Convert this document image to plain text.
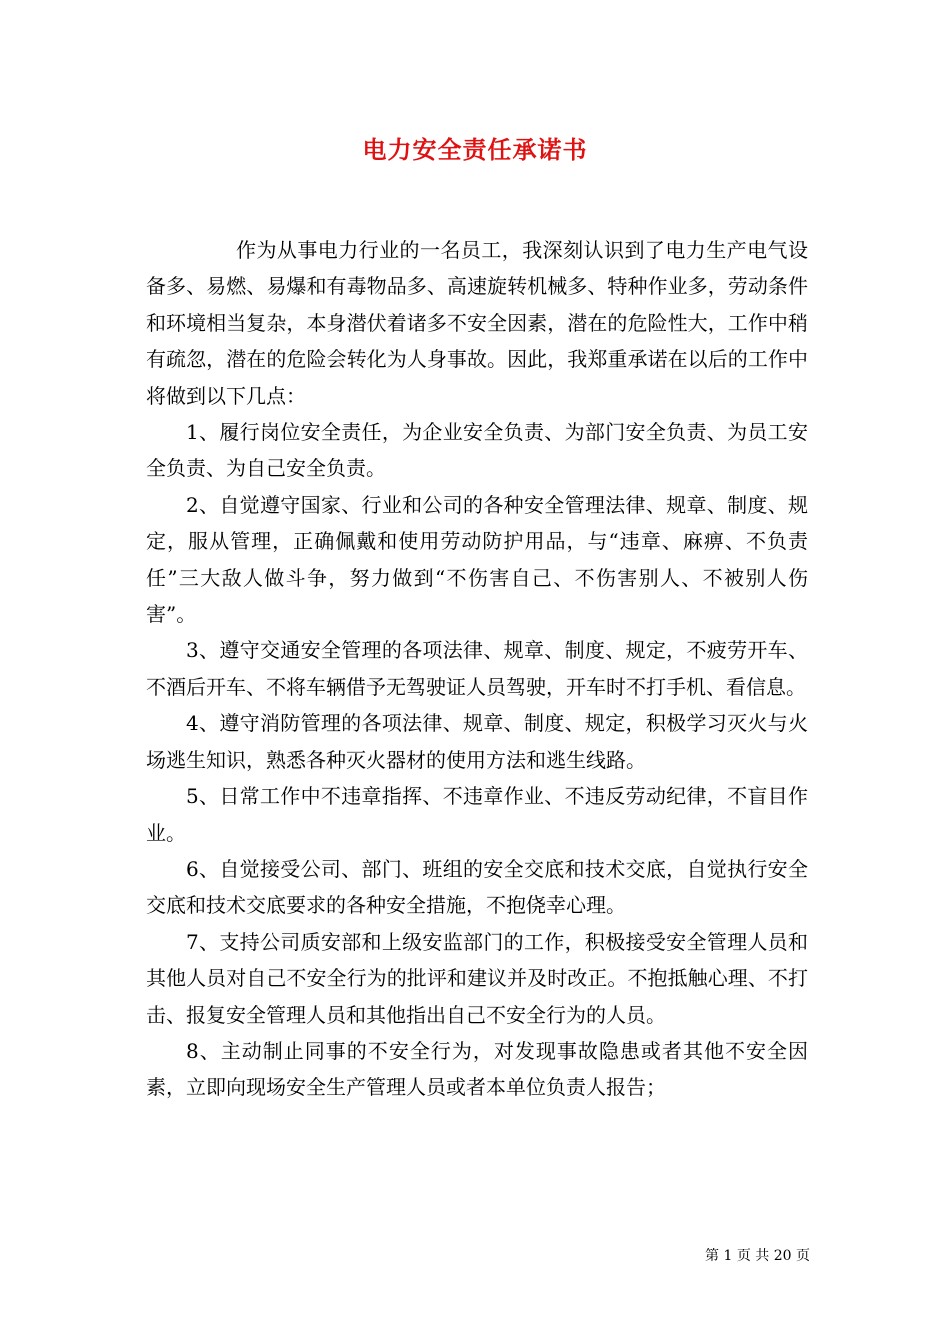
电力安全责任承诺书

作为从事电力行业的一名员工，我深刻认识到了电力生产电气设备多、易燃、易爆和有毒物品多、高速旋转机械多、特种作业多，劳动条件和环境相当复杂，本身潜伏着诸多不安全因素，潜在的危险性大，工作中稍有疏忽，潜在的危险会转化为人身事故。因此，我郑重承诺在以后的工作中将做到以下几点：

1、履行岗位安全责任，为企业安全负责、为部门安全负责、为员工安全负责、为自己安全负责。

2、自觉遵守国家、行业和公司的各种安全管理法律、规章、制度、规定，服从管理，正确佩戴和使用劳动防护用品，与“违章、麻痹、不负责任”三大敌人做斗争，努力做到“不伤害自己、不伤害别人、不被别人伤害”。

3、遵守交通安全管理的各项法律、规章、制度、规定，不疲劳开车、不酒后开车、不将车辆借予无驾驶证人员驾驶，开车时不打手机、看信息。

4、遵守消防管理的各项法律、规章、制度、规定，积极学习灭火与火场逃生知识，熟悉各种灭火器材的使用方法和逃生线路。

5、日常工作中不违章指挥、不违章作业、不违反劳动纪律，不盲目作业。

6、自觉接受公司、部门、班组的安全交底和技术交底，自觉执行安全交底和技术交底要求的各种安全措施，不抱侥幸心理。

7、支持公司质安部和上级安监部门的工作，积极接受安全管理人员和其他人员对自己不安全行为的批评和建议并及时改正。不抱抵触心理、不打击、报复安全管理人员和其他指出自己不安全行为的人员。

8、主动制止同事的不安全行为，对发现事故隐患或者其他不安全因素，立即向现场安全生产管理人员或者本单位负责人报告；

第 1 页 共 20 页
